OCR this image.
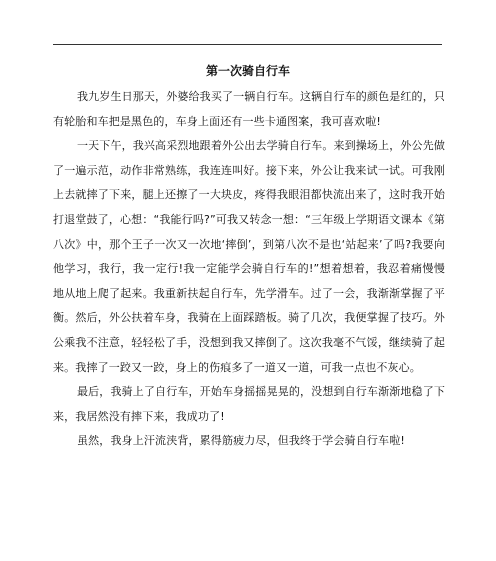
第一次骑自行车

我九岁生日那天，外婆给我买了一辆自行车。这辆自行车的颜色是红的，只有轮胎和车把是黑色的，车身上面还有一些卡通图案，我可喜欢啦!

一天下午，我兴高采烈地跟着外公出去学骑自行车。来到操场上，外公先做了一遍示范，动作非常熟练，我连连叫好。接下来，外公让我来试一试。可我刚上去就摔了下来，腿上还擦了一大块皮，疼得我眼泪都快流出来了，这时我开始打退堂鼓了，心想：“我能行吗?”可我又转念一想：“三年级上学期语文课本《第八次》中，那个王子一次又一次地‘摔倒’，到第八次不是也‘站起来’了吗?我要向他学习，我行，我一定行!我一定能学会骑自行车的!”想着想着，我忍着痛慢慢地从地上爬了起来。我重新扶起自行车，先学滑车。过了一会，我渐渐掌握了平衡。然后，外公扶着车身，我骑在上面踩踏板。骑了几次，我便掌握了技巧。外公乘我不注意，轻轻松了手，没想到我又摔倒了。这次我毫不气馁，继续骑了起来。我摔了一跤又一跤，身上的伤痕多了一道又一道，可我一点也不灰心。

最后，我骑上了自行车，开始车身摇摇晃晃的，没想到自行车渐渐地稳了下来，我居然没有摔下来，我成功了!

虽然，我身上汗流浃背，累得筋疲力尽，但我终于学会骑自行车啦!
